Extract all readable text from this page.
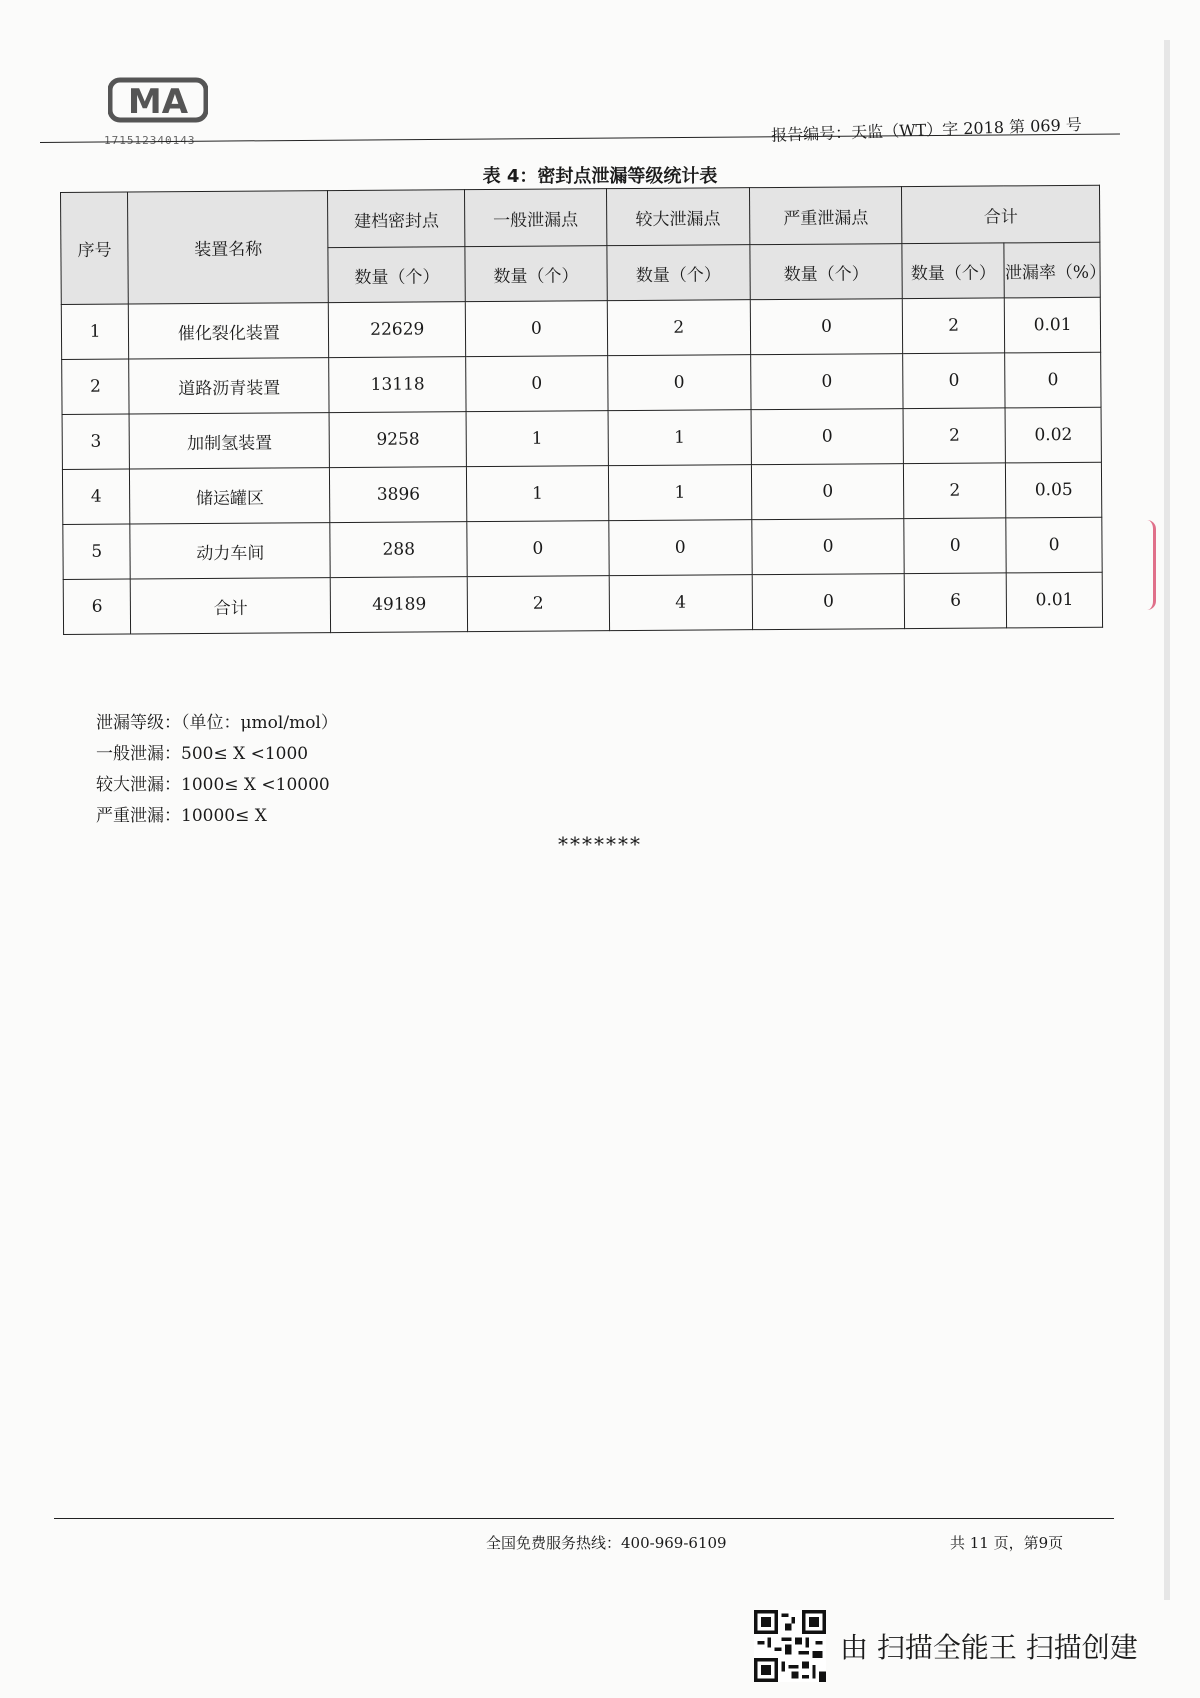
MA
171512340143	报告编号：天监（WT）字 2018 第 069 号
表 4：密封点泄漏等级统计表
序号	装置名称	建档密封点	一般泄漏点	较大泄漏点	严重泄漏点	合计	
		数量（个）	数量（个）	数量（个）	数量（个）	数量（个）	泄漏率（%）
1	催化裂化装置	22629	0	2	0	2	0.01
2	道路沥青装置	13118	0	0	0	0	0
3	加制氢装置	9258	1	1	0	2	0.02
4	储运罐区	3896	1	1	0	2	0.05
5	动力车间	288	0	0	0	0	0
6	合计	49189	2	4	0	6	0.01
泄漏等级：（单位：μmol/mol）
一般泄漏：500≤ X <1000
较大泄漏：1000≤ X <10000
严重泄漏：10000≤ X
*******
全国免费服务热线：400-969-6109	共 11 页，第9页
由 扫描全能王 扫描创建
